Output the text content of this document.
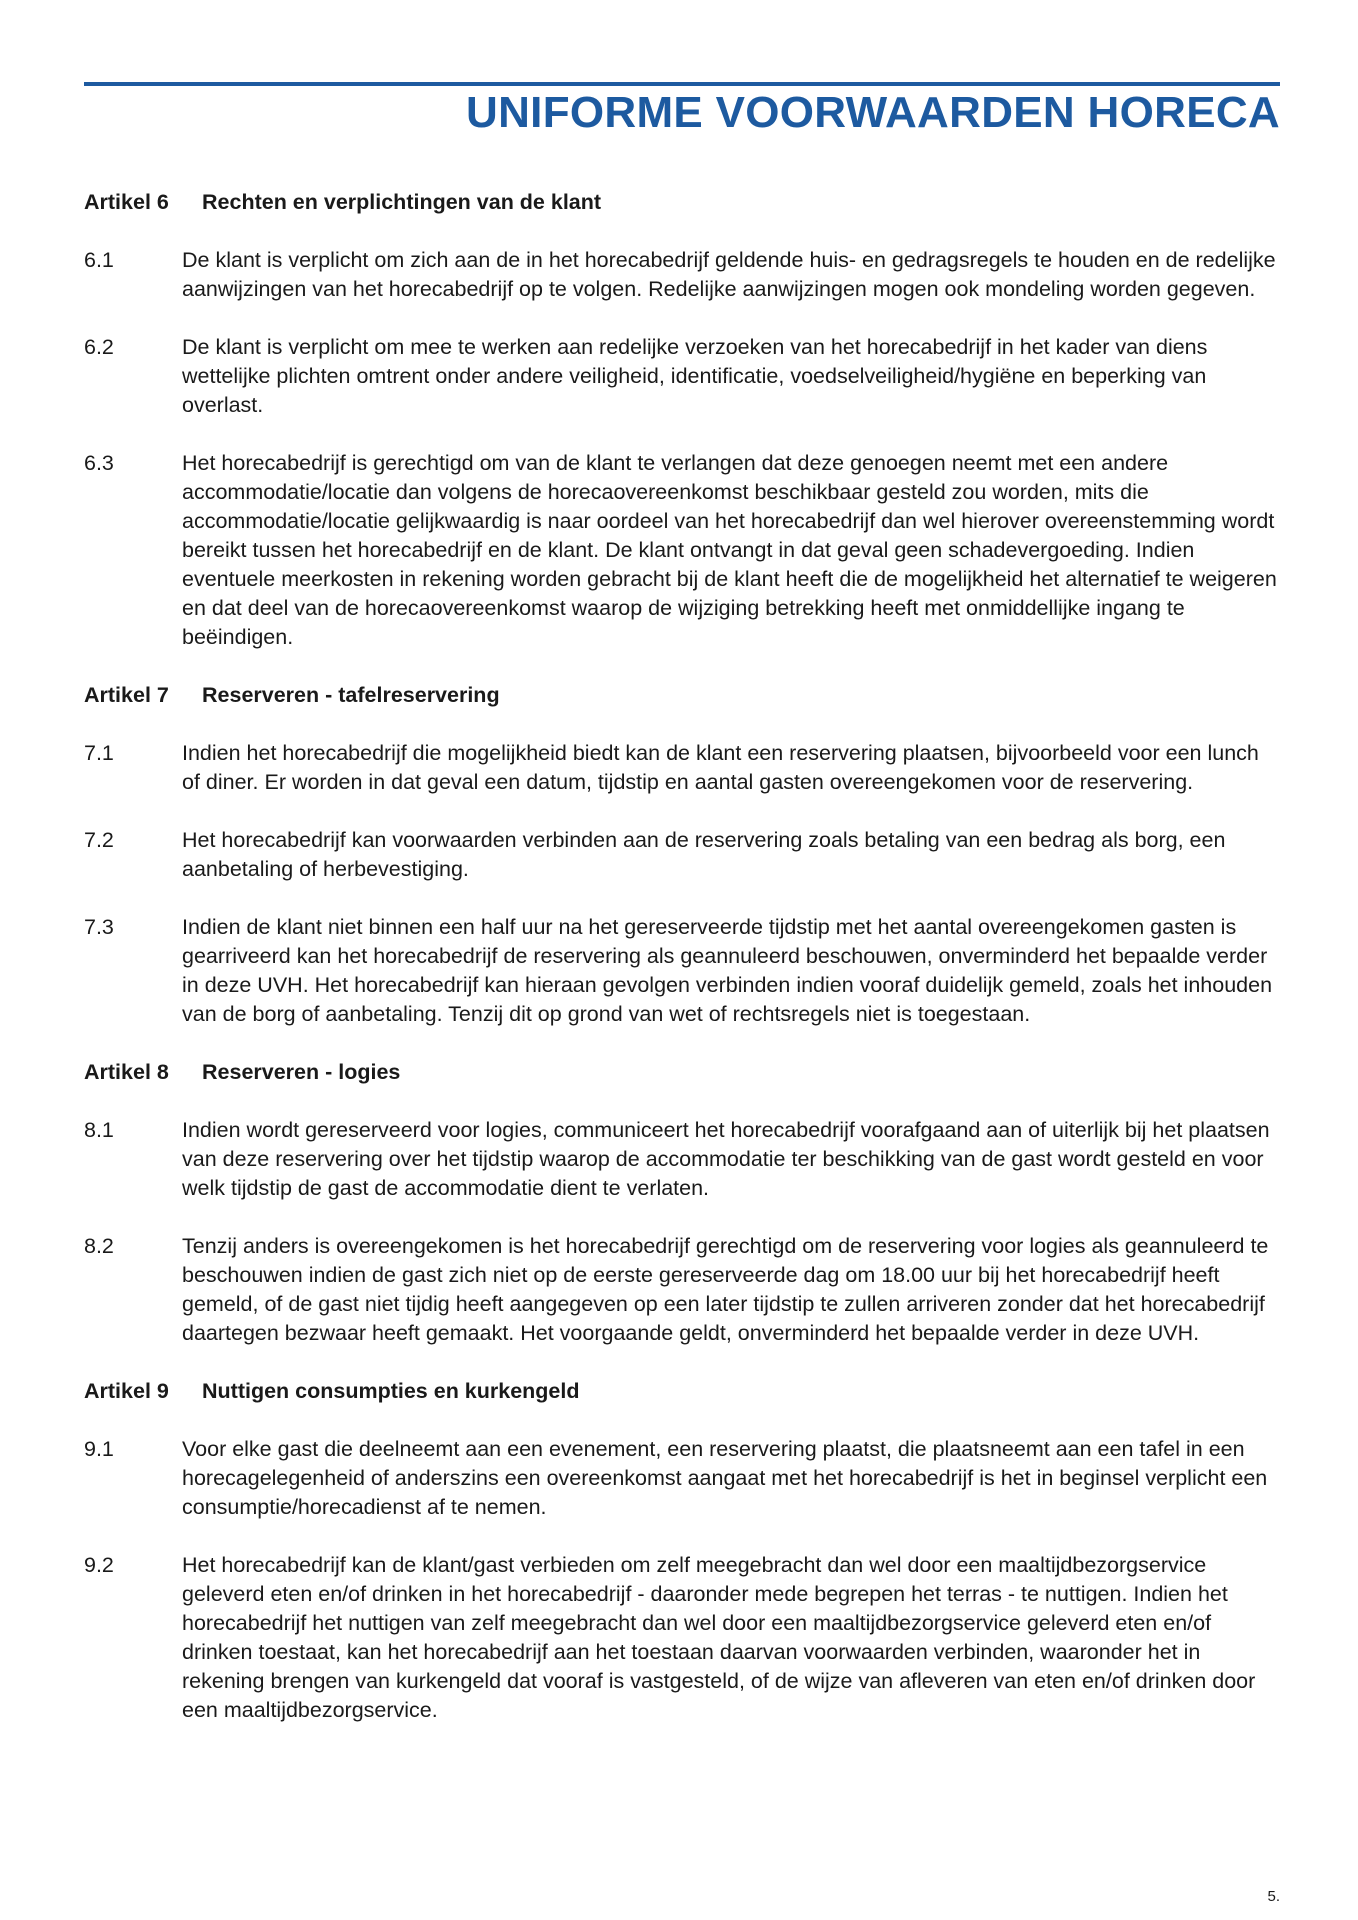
UNIFORME VOORWAARDEN HORECA
Artikel 6	Rechten en verplichtingen van de klant
6.1	De klant is verplicht om zich aan de in het horecabedrijf geldende huis- en gedragsregels te houden en de redelijke aanwijzingen van het horecabedrijf op te volgen. Redelijke aanwijzingen mogen ook mondeling worden gegeven.
6.2	De klant is verplicht om mee te werken aan redelijke verzoeken van het horecabedrijf in het kader van diens wettelijke plichten omtrent onder andere veiligheid, identificatie, voedselveiligheid/hygiëne en beperking van overlast.
6.3	Het horecabedrijf is gerechtigd om van de klant te verlangen dat deze genoegen neemt met een andere accommodatie/locatie dan volgens de horecaovereenkomst beschikbaar gesteld zou worden, mits die accommodatie/locatie gelijkwaardig is naar oordeel van het horecabedrijf dan wel hierover overeenstemming wordt bereikt tussen het horecabedrijf en de klant. De klant ontvangt in dat geval geen schadevergoeding. Indien eventuele meerkosten in rekening worden gebracht bij de klant heeft die de mogelijkheid het alternatief te weigeren en dat deel van de horecaovereenkomst waarop de wijziging betrekking heeft met onmiddellijke ingang te beëindigen.
Artikel 7	Reserveren - tafelreservering
7.1	Indien het horecabedrijf die mogelijkheid biedt kan de klant een reservering plaatsen, bijvoorbeeld voor een lunch of diner. Er worden in dat geval een datum, tijdstip en aantal gasten overeengekomen voor de reservering.
7.2	Het horecabedrijf kan voorwaarden verbinden aan de reservering zoals betaling van een bedrag als borg, een aanbetaling of herbevestiging.
7.3	Indien de klant niet binnen een half uur na het gereserveerde tijdstip met het aantal overeengekomen gasten is gearriveerd kan het horecabedrijf de reservering als geannuleerd beschouwen, onverminderd het bepaalde verder in deze UVH. Het horecabedrijf kan hieraan gevolgen verbinden indien vooraf duidelijk gemeld, zoals het inhouden van de borg of aanbetaling. Tenzij dit op grond van wet of rechtsregels niet is toegestaan.
Artikel 8	Reserveren - logies
8.1	Indien wordt gereserveerd voor logies, communiceert het horecabedrijf voorafgaand aan of uiterlijk bij het plaatsen van deze reservering over het tijdstip waarop de accommodatie ter beschikking van de gast wordt gesteld en voor welk tijdstip de gast de accommodatie dient te verlaten.
8.2	Tenzij anders is overeengekomen is het horecabedrijf gerechtigd om de reservering voor logies als geannuleerd te beschouwen indien de gast zich niet op de eerste gereserveerde dag om 18.00 uur bij het horecabedrijf heeft gemeld, of de gast niet tijdig heeft aangegeven op een later tijdstip te zullen arriveren zonder dat het horecabedrijf daartegen bezwaar heeft gemaakt. Het voorgaande geldt, onverminderd het bepaalde verder in deze UVH.
Artikel 9	Nuttigen consumpties en kurkengeld
9.1	Voor elke gast die deelneemt aan een evenement, een reservering plaatst, die plaatsneemt aan een tafel in een horecagelegenheid of anderszins een overeenkomst aangaat met het horecabedrijf is het in beginsel verplicht een consumptie/horecadienst af te nemen.
9.2	Het horecabedrijf kan de klant/gast verbieden om zelf meegebracht dan wel door een maaltijdbezorgservice geleverd eten en/of drinken in het horecabedrijf - daaronder mede begrepen het terras - te nuttigen. Indien het horecabedrijf het nuttigen van zelf meegebracht dan wel door een maaltijdbezorgservice geleverd eten en/of drinken toestaat, kan het horecabedrijf aan het toestaan daarvan voorwaarden verbinden, waaronder het in rekening brengen van kurkengeld dat vooraf is vastgesteld, of de wijze van afleveren van eten en/of drinken door een maaltijdbezorgservice.
5.
